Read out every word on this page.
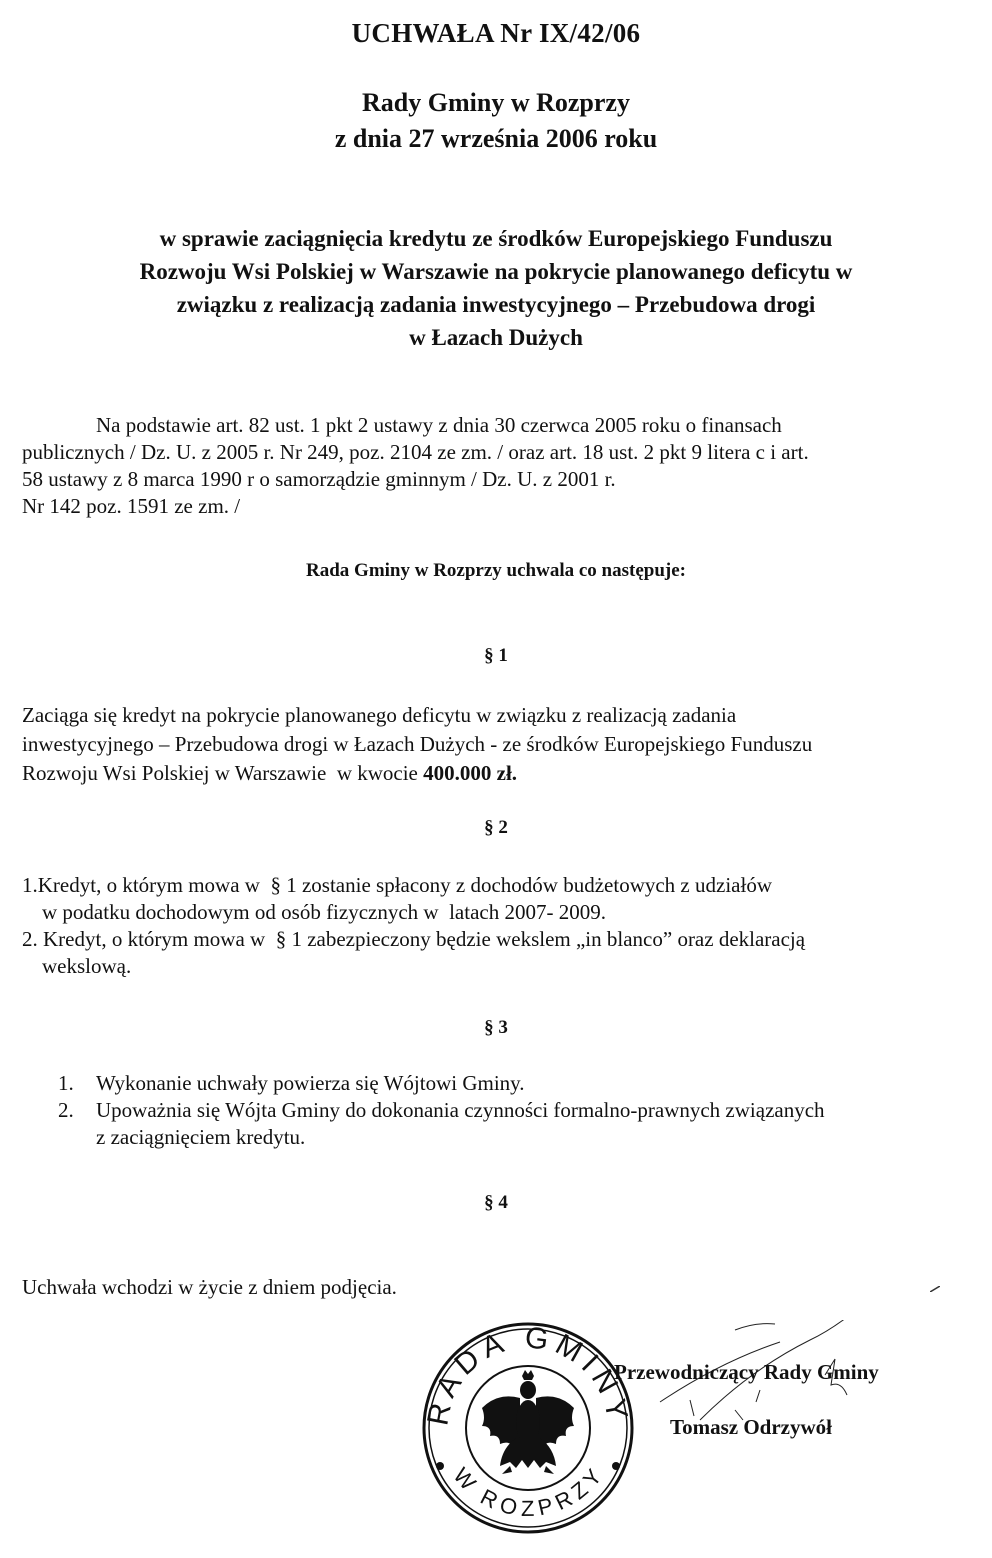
UCHWAŁA Nr IX/42/06
Rady Gminy w Rozprzy
z dnia 27 września 2006 roku
w sprawie zaciągnięcia kredytu ze środków Europejskiego Funduszu
Rozwoju Wsi Polskiej w Warszawie na pokrycie planowanego deficytu w
związku z realizacją zadania inwestycyjnego – Przebudowa drogi
w Łazach Dużych
Na podstawie art. 82 ust. 1 pkt 2 ustawy z dnia 30 czerwca 2005 roku o finansach
publicznych / Dz. U. z 2005 r. Nr 249, poz. 2104 ze zm. / oraz art. 18 ust. 2 pkt 9 litera c i art.
58 ustawy z 8 marca 1990 r o samorządzie gminnym / Dz. U. z 2001 r.
Nr 142 poz. 1591 ze zm. /
Rada Gminy w Rozprzy uchwala co następuje:
§ 1
Zaciąga się kredyt na pokrycie planowanego deficytu w związku z realizacją zadania
inwestycyjnego – Przebudowa drogi w Łazach Dużych - ze środków Europejskiego Funduszu
Rozwoju Wsi Polskiej w Warszawie  w kwocie 400.000 zł.
§ 2
1.Kredyt, o którym mowa w  § 1 zostanie spłacony z dochodów budżetowych z udziałów
w podatku dochodowym od osób fizycznych w  latach 2007- 2009.
2. Kredyt, o którym mowa w  § 1 zabezpieczony będzie wekslem „in blanco” oraz deklaracją
wekslową.
§ 3
1.	Wykonanie uchwały powierza się Wójtowi Gminy.
2.	Upoważnia się Wójta Gminy do dokonania czynności formalno-prawnych związanych
z zaciągnięciem kredytu.
§ 4
Uchwała wchodzi w życie z dniem podjęcia.
RADA GMINY
W ROZPRZY
Przewodniczący Rady Gminy
Tomasz Odrzywół
